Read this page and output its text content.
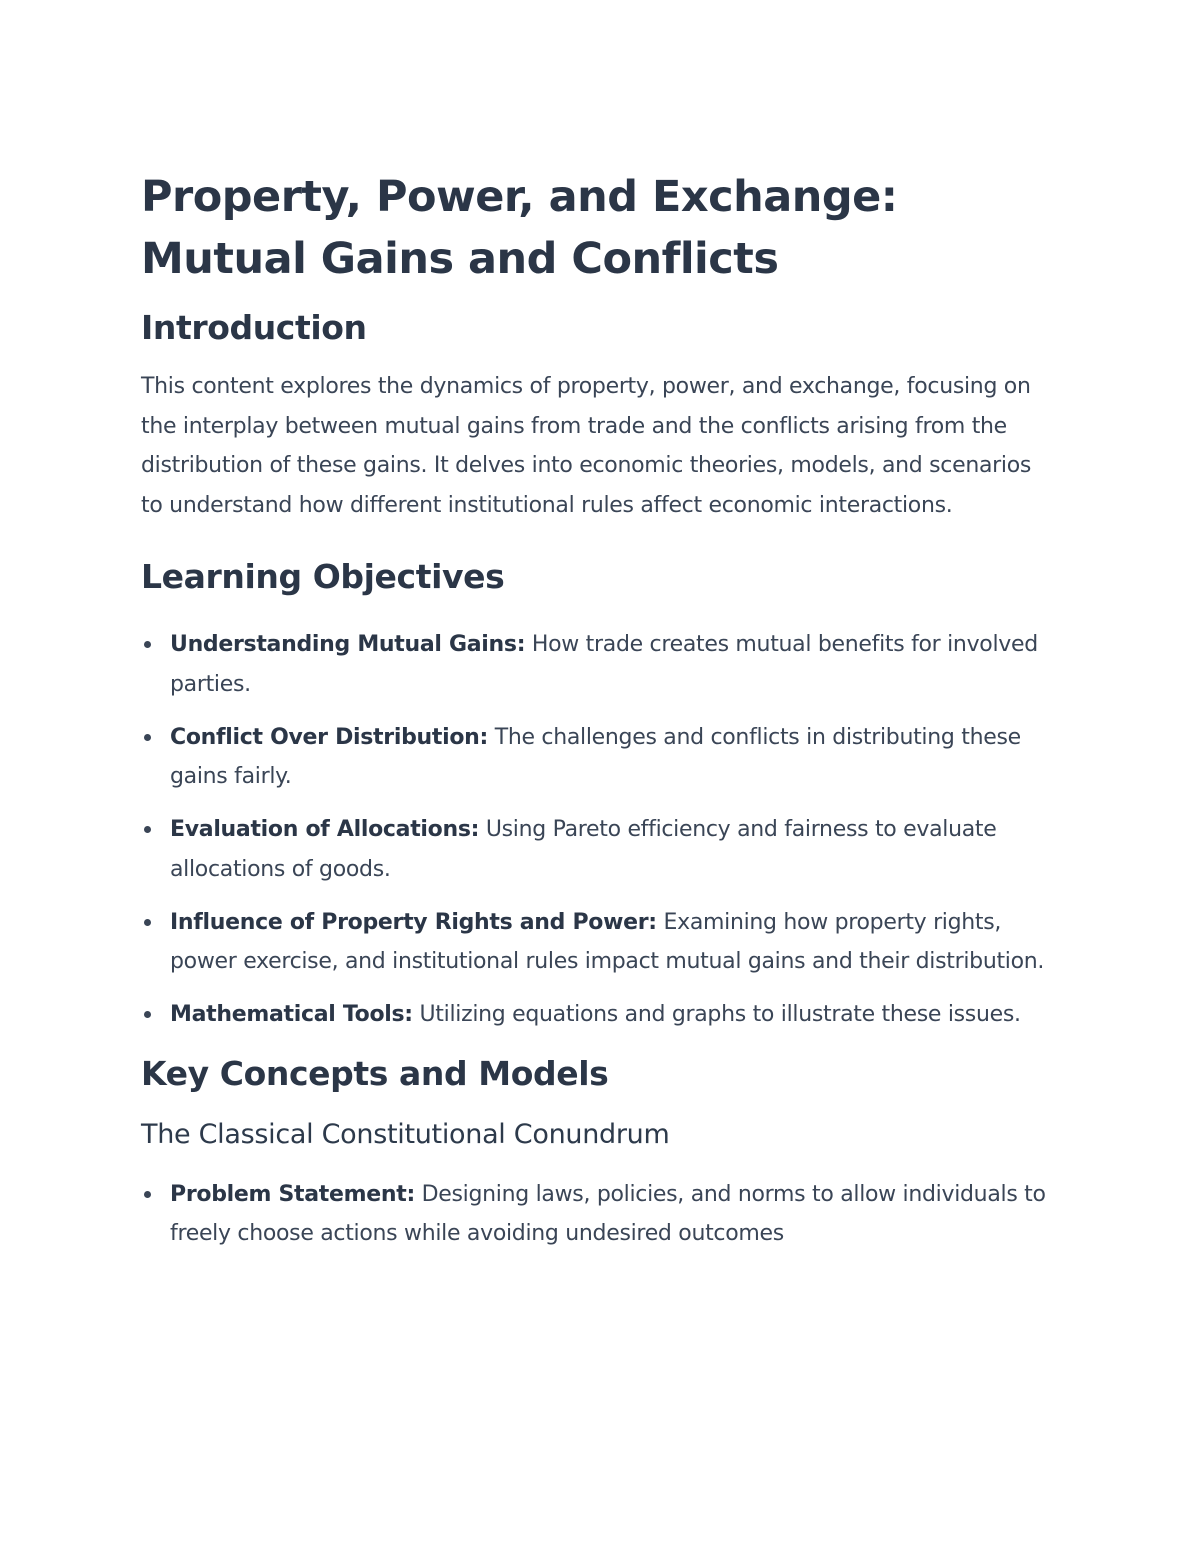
Property, Power, and Exchange: Mutual Gains and Conflicts
Introduction

This content explores the dynamics of property, power, and exchange, focusing on the interplay between mutual gains from trade and the conflicts arising from the distribution of these gains. It delves into economic theories, models, and scenarios to understand how different institutional rules affect economic interactions.

Learning Objectives
Understanding Mutual Gains: How trade creates mutual benefits for involved parties.
Conflict Over Distribution: The challenges and conflicts in distributing these gains fairly.
Evaluation of Allocations: Using Pareto efficiency and fairness to evaluate allocations of goods.
Influence of Property Rights and Power: Examining how property rights, power exercise, and institutional rules impact mutual gains and their distribution.
Mathematical Tools: Utilizing equations and graphs to illustrate these issues.
Key Concepts and Models
The Classical Constitutional Conundrum
Problem Statement: Designing laws, policies, and norms to allow individuals to freely choose actions while avoiding undesired outcomes
